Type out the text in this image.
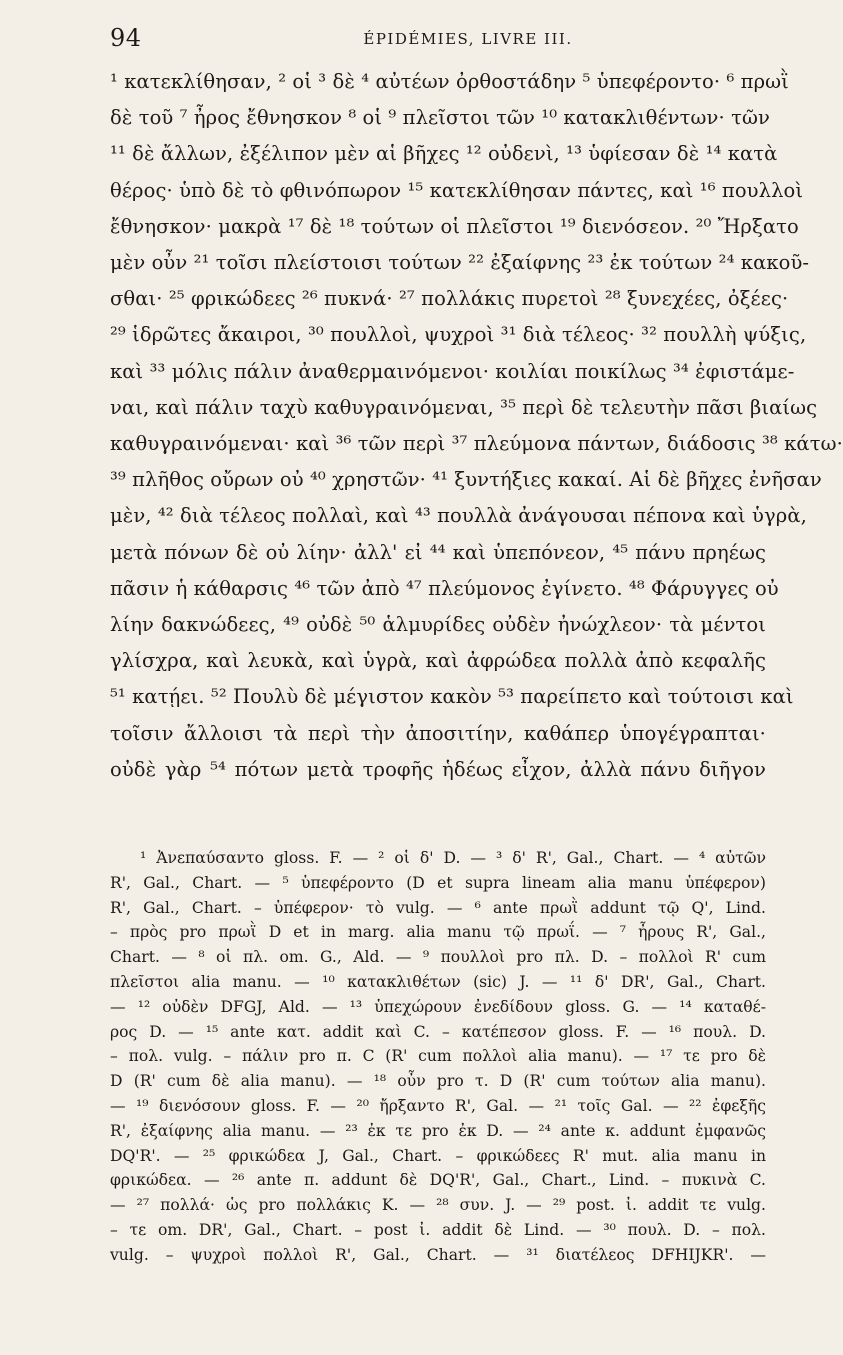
94	ÉPIDÉMIES, LIVRE III.
¹ κατεκλίθησαν, ² οἱ ³ δὲ ⁴ αὐτέων ὀρθοστάδην ⁵ ὑπεφέροντο· ⁶ πρωῒ
δὲ τοῦ ⁷ ἦρος ἔθνησκον ⁸ οἱ ⁹ πλεῖστοι τῶν ¹⁰ κατακλιθέντων· τῶν
¹¹ δὲ ἄλλων, ἐξέλιπον μὲν αἱ βῆχες ¹² οὐδενὶ, ¹³ ὑφίεσαν δὲ ¹⁴ κατὰ
θέρος· ὑπὸ δὲ τὸ φθινόπωρον ¹⁵ κατεκλίθησαν πάντες, καὶ ¹⁶ πουλλοὶ
ἔθνησκον· μακρὰ ¹⁷ δὲ ¹⁸ τούτων οἱ πλεῖστοι ¹⁹ διενόσεον. ²⁰ Ἤρξατο
μὲν οὖν ²¹ τοῖσι πλείστοισι τούτων ²² ἐξαίφνης ²³ ἐκ τούτων ²⁴ κακοῦ-
σθαι· ²⁵ φρικώδεες ²⁶ πυκνά· ²⁷ πολλάκις πυρετοὶ ²⁸ ξυνεχέες, ὀξέες·
²⁹ ἱδρῶτες ἄκαιροι, ³⁰ πουλλοὶ, ψυχροὶ ³¹ διὰ τέλεος· ³² πουλλὴ ψύξις,
καὶ ³³ μόλις πάλιν ἀναθερμαινόμενοι· κοιλίαι ποικίλως ³⁴ ἐφιστάμε-
ναι, καὶ πάλιν ταχὺ καθυγραινόμεναι, ³⁵ περὶ δὲ τελευτὴν πᾶσι βιαίως
καθυγραινόμεναι· καὶ ³⁶ τῶν περὶ ³⁷ πλεύμονα πάντων, διάδοσις ³⁸ κάτω·
³⁹ πλῆθος οὔρων οὐ ⁴⁰ χρηστῶν· ⁴¹ ξυντήξιες κακαί. Αἱ δὲ βῆχες ἐνῆσαν
μὲν, ⁴² διὰ τέλεος πολλαὶ, καὶ ⁴³ πουλλὰ ἀνάγουσαι πέπονα καὶ ὑγρὰ,
μετὰ πόνων δὲ οὐ λίην· ἀλλ' εἰ ⁴⁴ καὶ ὑπεπόνεον, ⁴⁵ πάνυ πρηέως
πᾶσιν ἡ κάθαρσις ⁴⁶ τῶν ἀπὸ ⁴⁷ πλεύμονος ἐγίνετο. ⁴⁸ Φάρυγγες οὐ
λίην δακνώδεες, ⁴⁹ οὐδὲ ⁵⁰ ἁλμυρίδες οὐδὲν ἠνώχλεον· τὰ μέντοι
γλίσχρα, καὶ λευκὰ, καὶ ὑγρὰ, καὶ ἀφρώδεα πολλὰ ἀπὸ κεφαλῆς
⁵¹ κατῄει. ⁵² Πουλὺ δὲ μέγιστον κακὸν ⁵³ παρείπετο καὶ τούτοισι καὶ
τοῖσιν ἄλλοισι τὰ περὶ τὴν ἀποσιτίην, καθάπερ ὑπογέγραπται·
οὐδὲ γὰρ ⁵⁴ πότων μετὰ τροφῆς ἡδέως εἶχον, ἀλλὰ πάνυ διῆγον
¹ Ἀνεπαύσαντο gloss. F. — ² οἱ δ' D. — ³ δ' R', Gal., Chart. — ⁴ αὐτῶν
R', Gal., Chart. — ⁵ ὑπεφέροντο (D et supra lineam alia manu ὑπέφερον)
R', Gal., Chart. – ὑπέφερον· τὸ vulg. — ⁶ ante πρωῒ addunt τῷ Q', Lind.
– πρὸς pro πρωῒ D et in marg. alia manu τῷ πρωΐ. — ⁷ ἦρους R', Gal.,
Chart. — ⁸ οἱ πλ. om. G., Ald. — ⁹ πουλλοὶ pro πλ. D. – πολλοὶ R' cum
πλεῖστοι alia manu. — ¹⁰ κατακλιθέτων (sic) J. — ¹¹ δ' DR', Gal., Chart.
— ¹² οὐδὲν DFGJ, Ald. — ¹³ ὑπεχώρουν ἐνεδίδουν gloss. G. — ¹⁴ καταθέ-
ρος D. — ¹⁵ ante κατ. addit καὶ C. – κατέπεσον gloss. F. — ¹⁶ πουλ. D.
– πολ. vulg. – πάλιν pro π. C (R' cum πολλοὶ alia manu). — ¹⁷ τε pro δὲ
D (R' cum δὲ alia manu). — ¹⁸ οὖν pro τ. D (R' cum τούτων alia manu).
— ¹⁹ διενόσουν gloss. F. — ²⁰ ἤρξαντο R', Gal. — ²¹ τοῖς Gal. — ²² ἐφεξῆς
R', ἐξαίφνης alia manu. — ²³ ἐκ τε pro ἐκ D. — ²⁴ ante κ. addunt ἐμφανῶς
DQ'R'. — ²⁵ φρικώδεα J, Gal., Chart. – φρικώδεες R' mut. alia manu in
φρικώδεα. — ²⁶ ante π. addunt δὲ DQ'R', Gal., Chart., Lind. – πυκινὰ C.
— ²⁷ πολλά· ὡς pro πολλάκις K. — ²⁸ συν. J. — ²⁹ post. ἰ. addit τε vulg.
– τε om. DR', Gal., Chart. – post ἰ. addit δὲ Lind. — ³⁰ πουλ. D. – πολ.
vulg. – ψυχροὶ πολλοὶ R', Gal., Chart. — ³¹ διατέλεος DFHIJKR'. —
